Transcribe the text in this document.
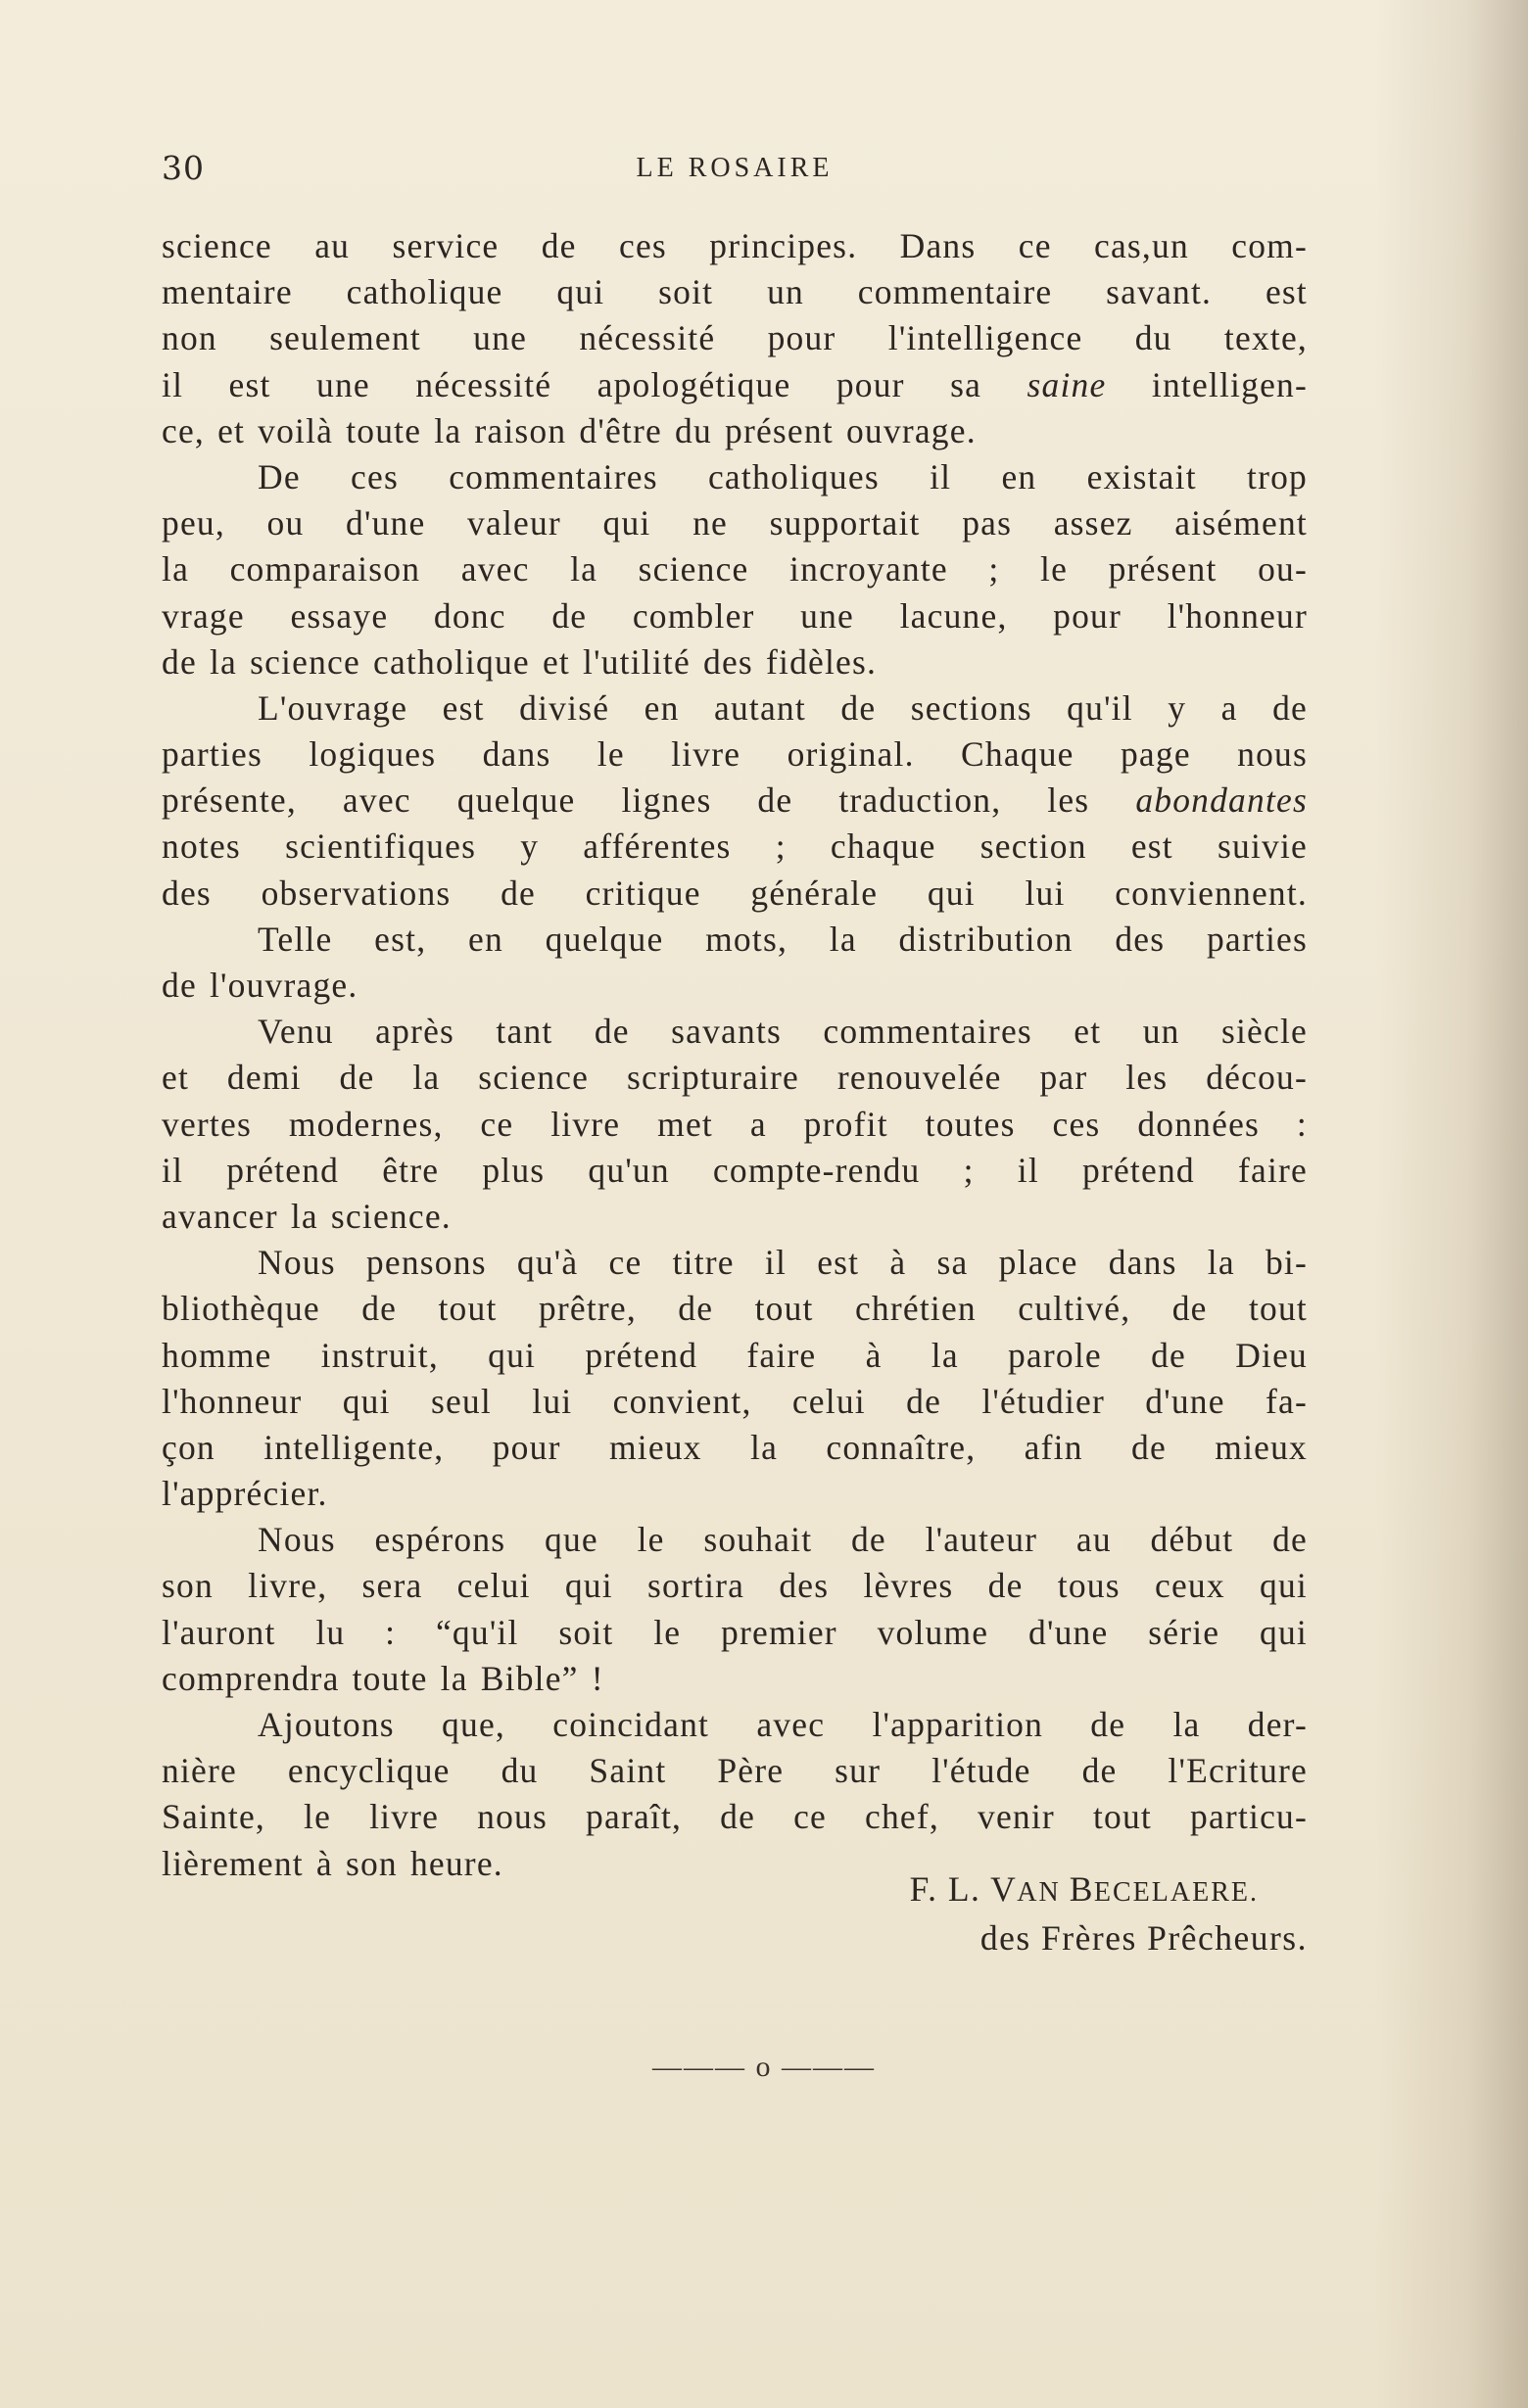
30	LE ROSAIRE
science au service de ces principes. Dans ce cas,un com-
mentaire catholique qui soit un commentaire savant. est
non seulement une nécessité pour l'intelligence du texte,
il est une nécessité apologétique pour sa saine intelligen-
ce, et voilà toute la raison d'être du présent ouvrage.
De ces commentaires catholiques il en existait trop
peu, ou d'une valeur qui ne supportait pas assez aisément
la comparaison avec la science incroyante ; le présent ou-
vrage essaye donc de combler une lacune, pour l'honneur
de la science catholique et l'utilité des fidèles.
L'ouvrage est divisé en autant de sections qu'il y a de
parties logiques dans le livre original. Chaque page nous
présente, avec quelque lignes de traduction, les abondantes
notes scientifiques y afférentes ; chaque section est suivie
des observations de critique générale qui lui conviennent.
Telle est, en quelque mots, la distribution des parties
de l'ouvrage.
Venu après tant de savants commentaires et un siècle
et demi de la science scripturaire renouvelée par les décou-
vertes modernes, ce livre met a profit toutes ces données :
il prétend être plus qu'un compte-rendu ; il prétend faire
avancer la science.
Nous pensons qu'à ce titre il est à sa place dans la bi-
bliothèque de tout prêtre, de tout chrétien cultivé, de tout
homme instruit, qui prétend faire à la parole de Dieu
l'honneur qui seul lui convient, celui de l'étudier d'une fa-
çon intelligente, pour mieux la connaître, afin de mieux
l'apprécier.
Nous espérons que le souhait de l'auteur au début de
son livre, sera celui qui sortira des lèvres de tous ceux qui
l'auront lu : “qu'il soit le premier volume d'une série qui
comprendra toute la Bible” !
Ajoutons que, coincidant avec l'apparition de la der-
nière encyclique du Saint Père sur l'étude de l'Ecriture
Sainte, le livre nous paraît, de ce chef, venir tout particu-
lièrement à son heure.
F. L. VAN BECELAERE.
des Frères Prêcheurs.
——— o ———
